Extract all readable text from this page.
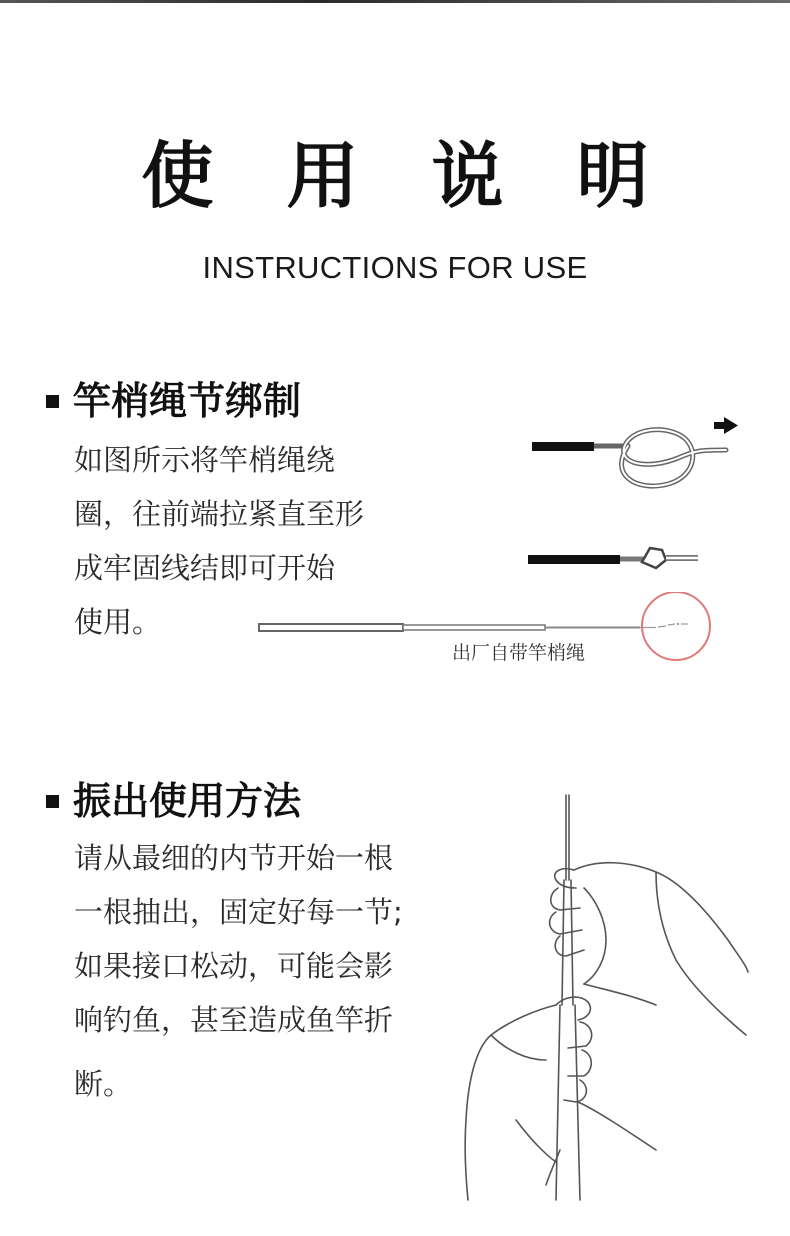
使 用 说 明
INSTRUCTIONS FOR USE
竿梢绳节绑制
如图所示将竿梢绳绕
圈，往前端拉紧直至形
成牢固线结即可开始
使用。
出厂自带竿梢绳
振出使用方法
请从最细的内节开始一根
一根抽出，固定好每一节;
如果接口松动，可能会影
响钓鱼，甚至造成鱼竿折
断。
